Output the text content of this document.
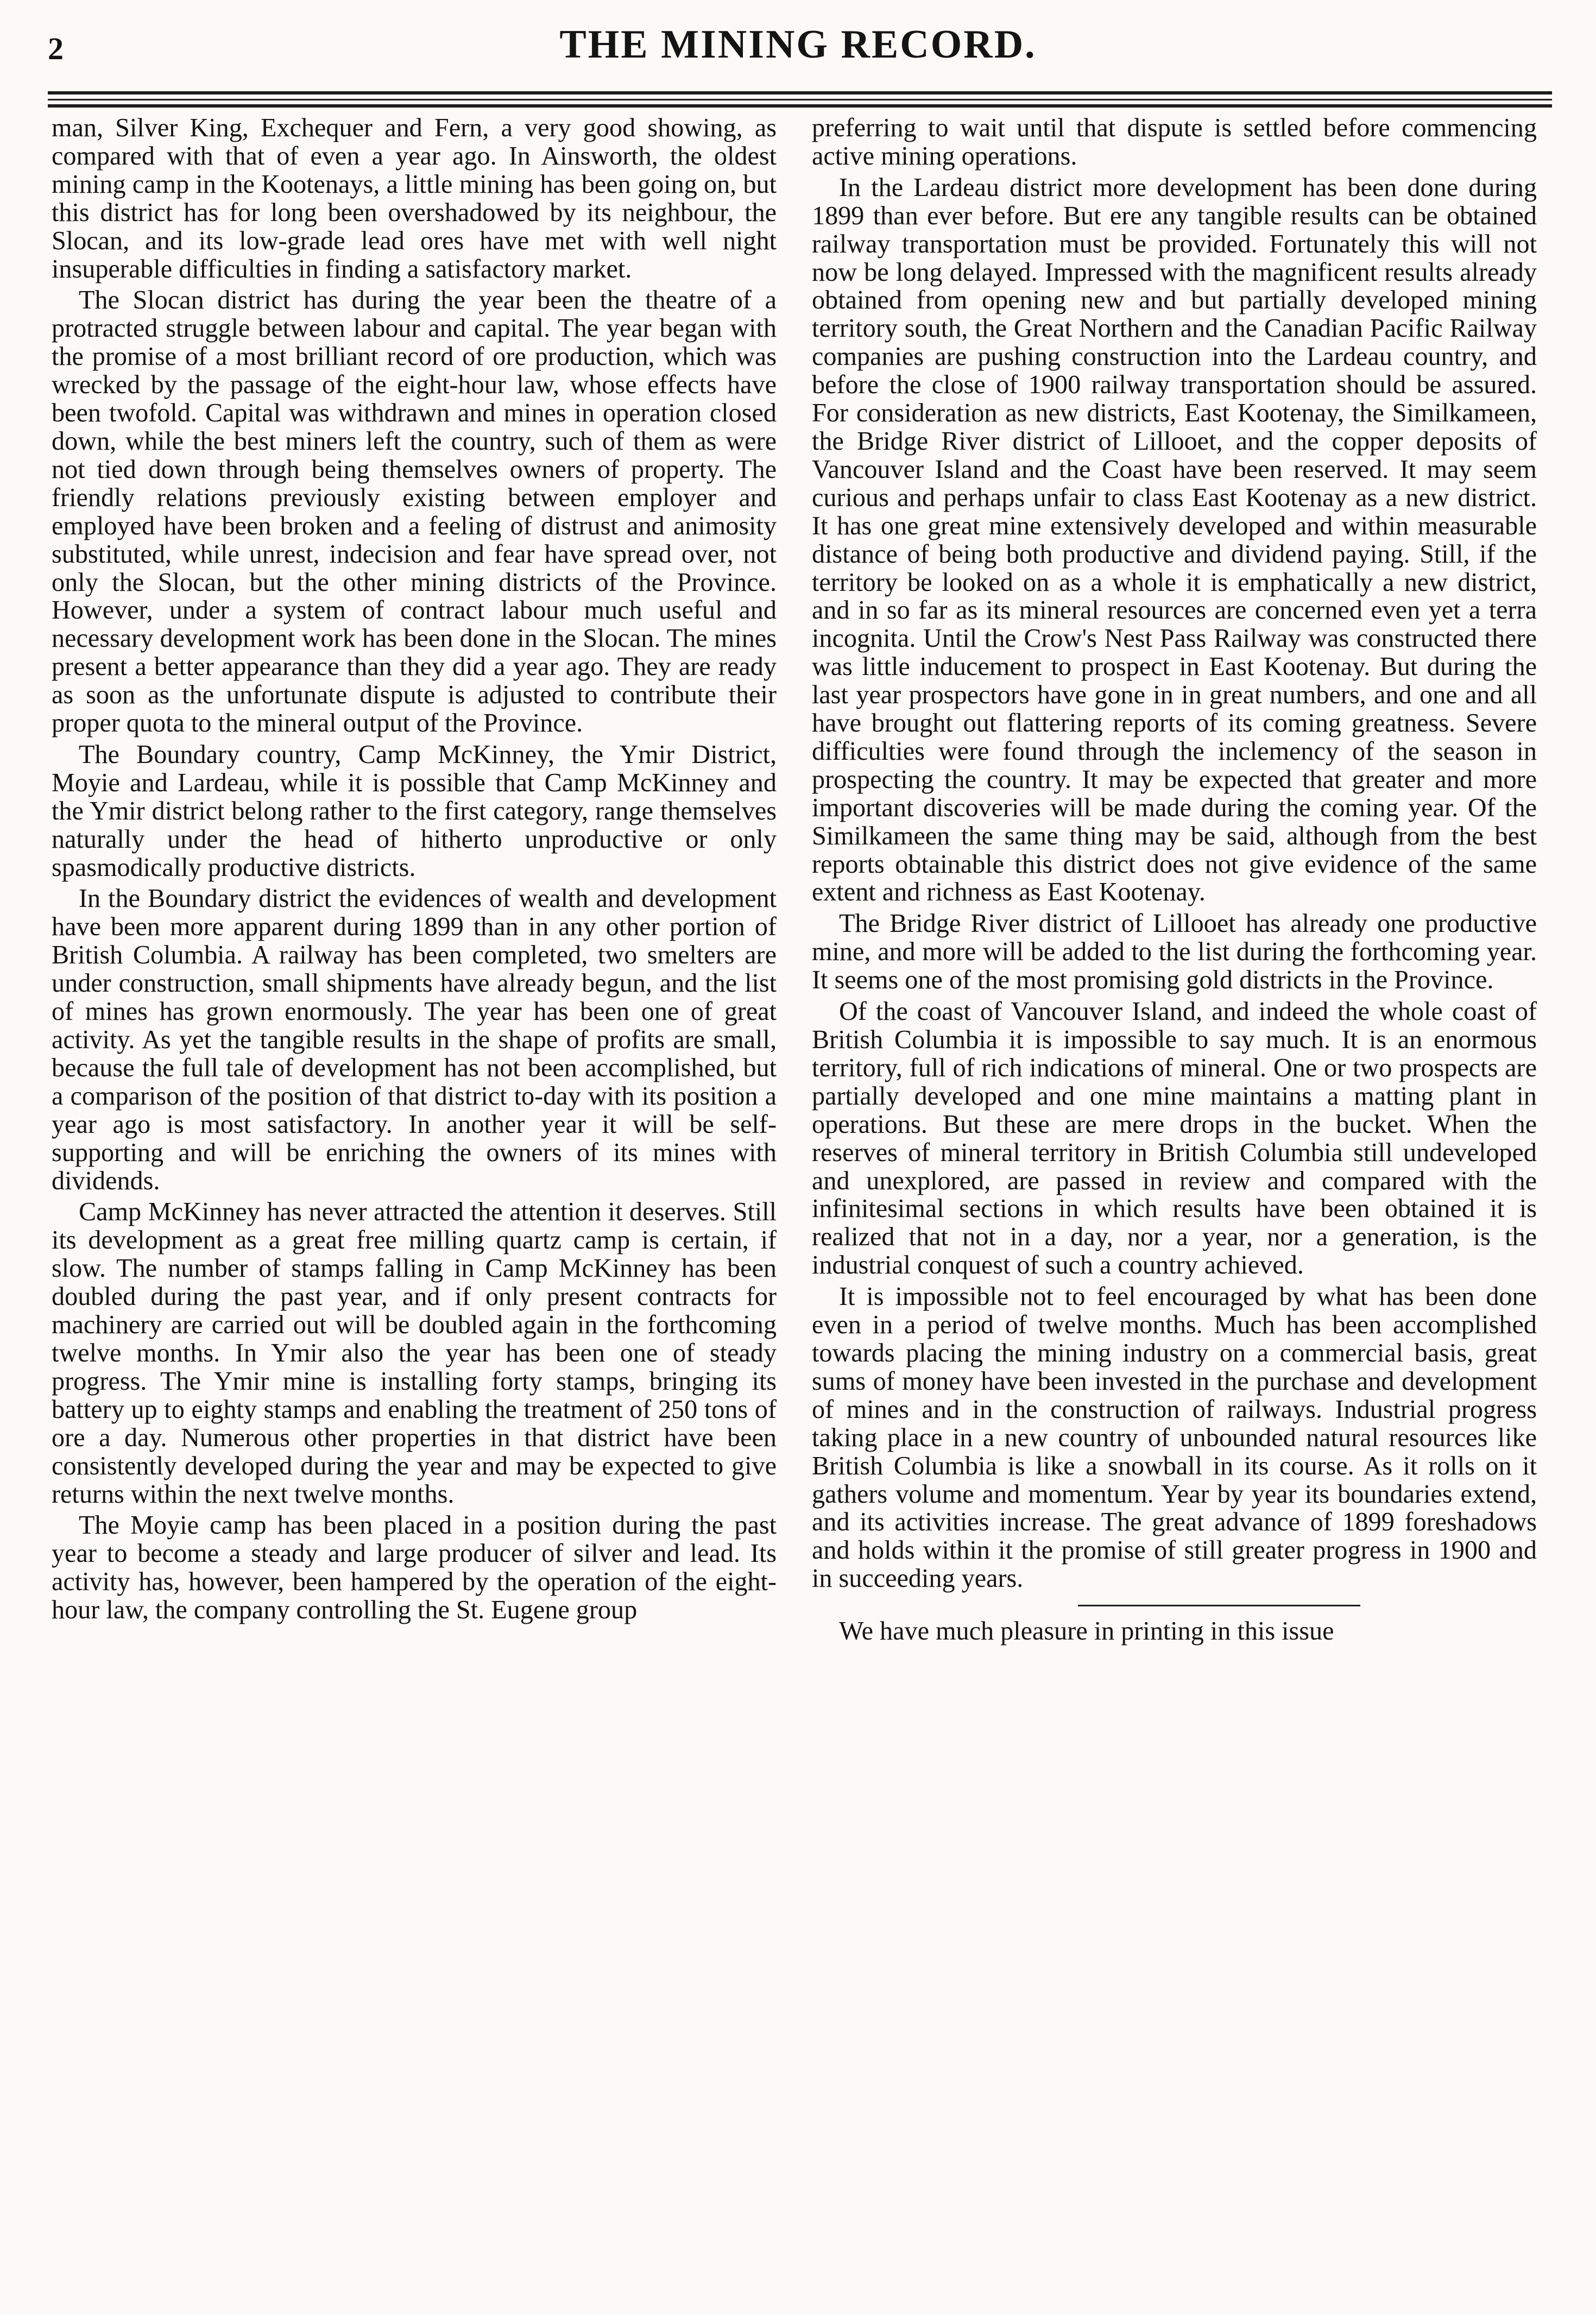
2	THE MINING RECORD.

man, Silver King, Exchequer and Fern, a very good showing, as compared with that of even a year ago. In Ainsworth, the oldest mining camp in the Kootenays, a little mining has been going on, but this district has for long been overshadowed by its neighbour, the Slocan, and its low-grade lead ores have met with well night insuperable difficulties in finding a satisfactory market.

The Slocan district has during the year been the theatre of a protracted struggle between labour and capital. The year began with the promise of a most brilliant record of ore production, which was wrecked by the passage of the eight-hour law, whose effects have been twofold. Capital was withdrawn and mines in operation closed down, while the best miners left the country, such of them as were not tied down through being themselves owners of property. The friendly relations previously existing between employer and employed have been broken and a feeling of distrust and animosity substituted, while unrest, indecision and fear have spread over, not only the Slocan, but the other mining districts of the Province. However, under a system of contract labour much useful and necessary development work has been done in the Slocan. The mines present a better appearance than they did a year ago. They are ready as soon as the unfortunate dispute is adjusted to contribute their proper quota to the mineral output of the Province.

The Boundary country, Camp McKinney, the Ymir District, Moyie and Lardeau, while it is possible that Camp McKinney and the Ymir district belong rather to the first category, range themselves naturally under the head of hitherto unproductive or only spasmodically productive districts.

In the Boundary district the evidences of wealth and development have been more apparent during 1899 than in any other portion of British Columbia. A railway has been completed, two smelters are under construction, small shipments have already begun, and the list of mines has grown enormously. The year has been one of great activity. As yet the tangible results in the shape of profits are small, because the full tale of development has not been accomplished, but a comparison of the position of that district to-day with its position a year ago is most satisfactory. In another year it will be self-supporting and will be enriching the owners of its mines with dividends.

Camp McKinney has never attracted the attention it deserves. Still its development as a great free milling quartz camp is certain, if slow. The number of stamps falling in Camp McKinney has been doubled during the past year, and if only present contracts for machinery are carried out will be doubled again in the forthcoming twelve months. In Ymir also the year has been one of steady progress. The Ymir mine is installing forty stamps, bringing its battery up to eighty stamps and enabling the treatment of 250 tons of ore a day. Numerous other properties in that district have been consistently developed during the year and may be expected to give returns within the next twelve months.

The Moyie camp has been placed in a position during the past year to become a steady and large producer of silver and lead. Its activity has, however, been hampered by the operation of the eight-hour law, the company controlling the St. Eugene group

preferring to wait until that dispute is settled before commencing active mining operations.

In the Lardeau district more development has been done during 1899 than ever before. But ere any tangible results can be obtained railway transportation must be provided. Fortunately this will not now be long delayed. Impressed with the magnificent results already obtained from opening new and but partially developed mining territory south, the Great Northern and the Canadian Pacific Railway companies are pushing construction into the Lardeau country, and before the close of 1900 railway transportation should be assured. For consideration as new districts, East Kootenay, the Similkameen, the Bridge River district of Lillooet, and the copper deposits of Vancouver Island and the Coast have been reserved. It may seem curious and perhaps unfair to class East Kootenay as a new district. It has one great mine extensively developed and within measurable distance of being both productive and dividend paying. Still, if the territory be looked on as a whole it is emphatically a new district, and in so far as its mineral resources are concerned even yet a terra incognita. Until the Crow's Nest Pass Railway was constructed there was little inducement to prospect in East Kootenay. But during the last year prospectors have gone in in great numbers, and one and all have brought out flattering reports of its coming greatness. Severe difficulties were found through the inclemency of the season in prospecting the country. It may be expected that greater and more important discoveries will be made during the coming year. Of the Similkameen the same thing may be said, although from the best reports obtainable this district does not give evidence of the same extent and richness as East Kootenay.

The Bridge River district of Lillooet has already one productive mine, and more will be added to the list during the forthcoming year. It seems one of the most promising gold districts in the Province.

Of the coast of Vancouver Island, and indeed the whole coast of British Columbia it is impossible to say much. It is an enormous territory, full of rich indications of mineral. One or two prospects are partially developed and one mine maintains a matting plant in operations. But these are mere drops in the bucket. When the reserves of mineral territory in British Columbia still undeveloped and unexplored, are passed in review and compared with the infinitesimal sections in which results have been obtained it is realized that not in a day, nor a year, nor a generation, is the industrial conquest of such a country achieved.

It is impossible not to feel encouraged by what has been done even in a period of twelve months. Much has been accomplished towards placing the mining industry on a commercial basis, great sums of money have been invested in the purchase and development of mines and in the construction of railways. Industrial progress taking place in a new country of unbounded natural resources like British Columbia is like a snowball in its course. As it rolls on it gathers volume and momentum. Year by year its boundaries extend, and its activities increase. The great advance of 1899 foreshadows and holds within it the promise of still greater progress in 1900 and in succeeding years.

We have much pleasure in printing in this issue
